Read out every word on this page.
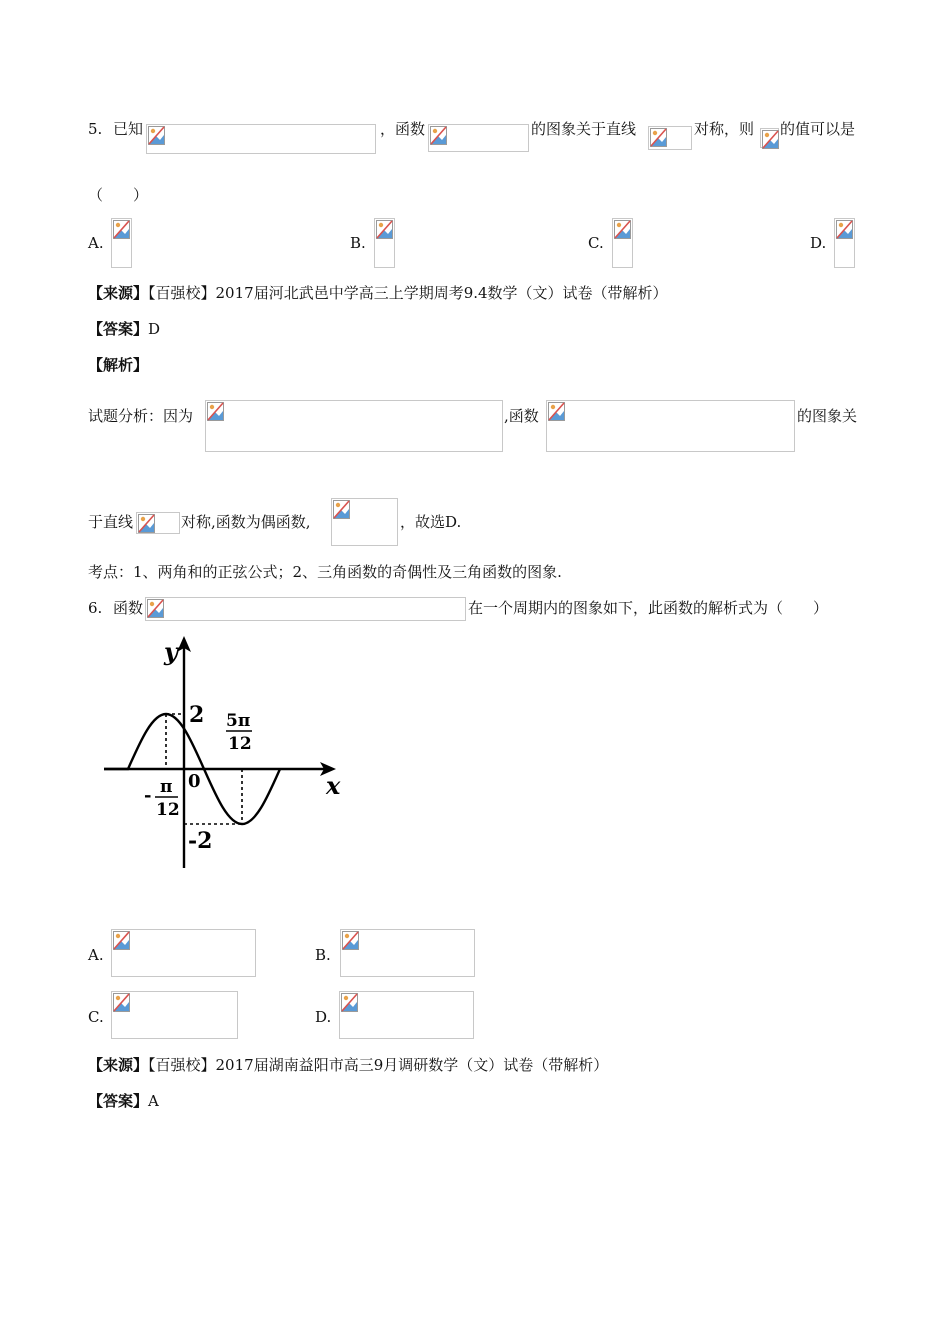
5. 已知	，函数	的图象关于直线	对称，则 的值可以是
（　　）
A.	B.	C.	D.
【来源】【百强校】2017届河北武邑中学高三上学期周考9.4数学（文）试卷（带解析）
【答案】D
【解析】
试题分析：因为	,函数	的图象关
于直线	对称,函数为偶函数,	，故选D.
考点：1、两角和的正弦公式；2、三角函数的奇偶性及三角函数的图象.
6. 函数	在一个周期内的图象如下，此函数的解析式为（　　）
y
x
2
-2
0
5π
12
- π
12
A.	B.
C.	D.
【来源】【百强校】2017届湖南益阳市高三9月调研数学（文）试卷（带解析）
【答案】A
